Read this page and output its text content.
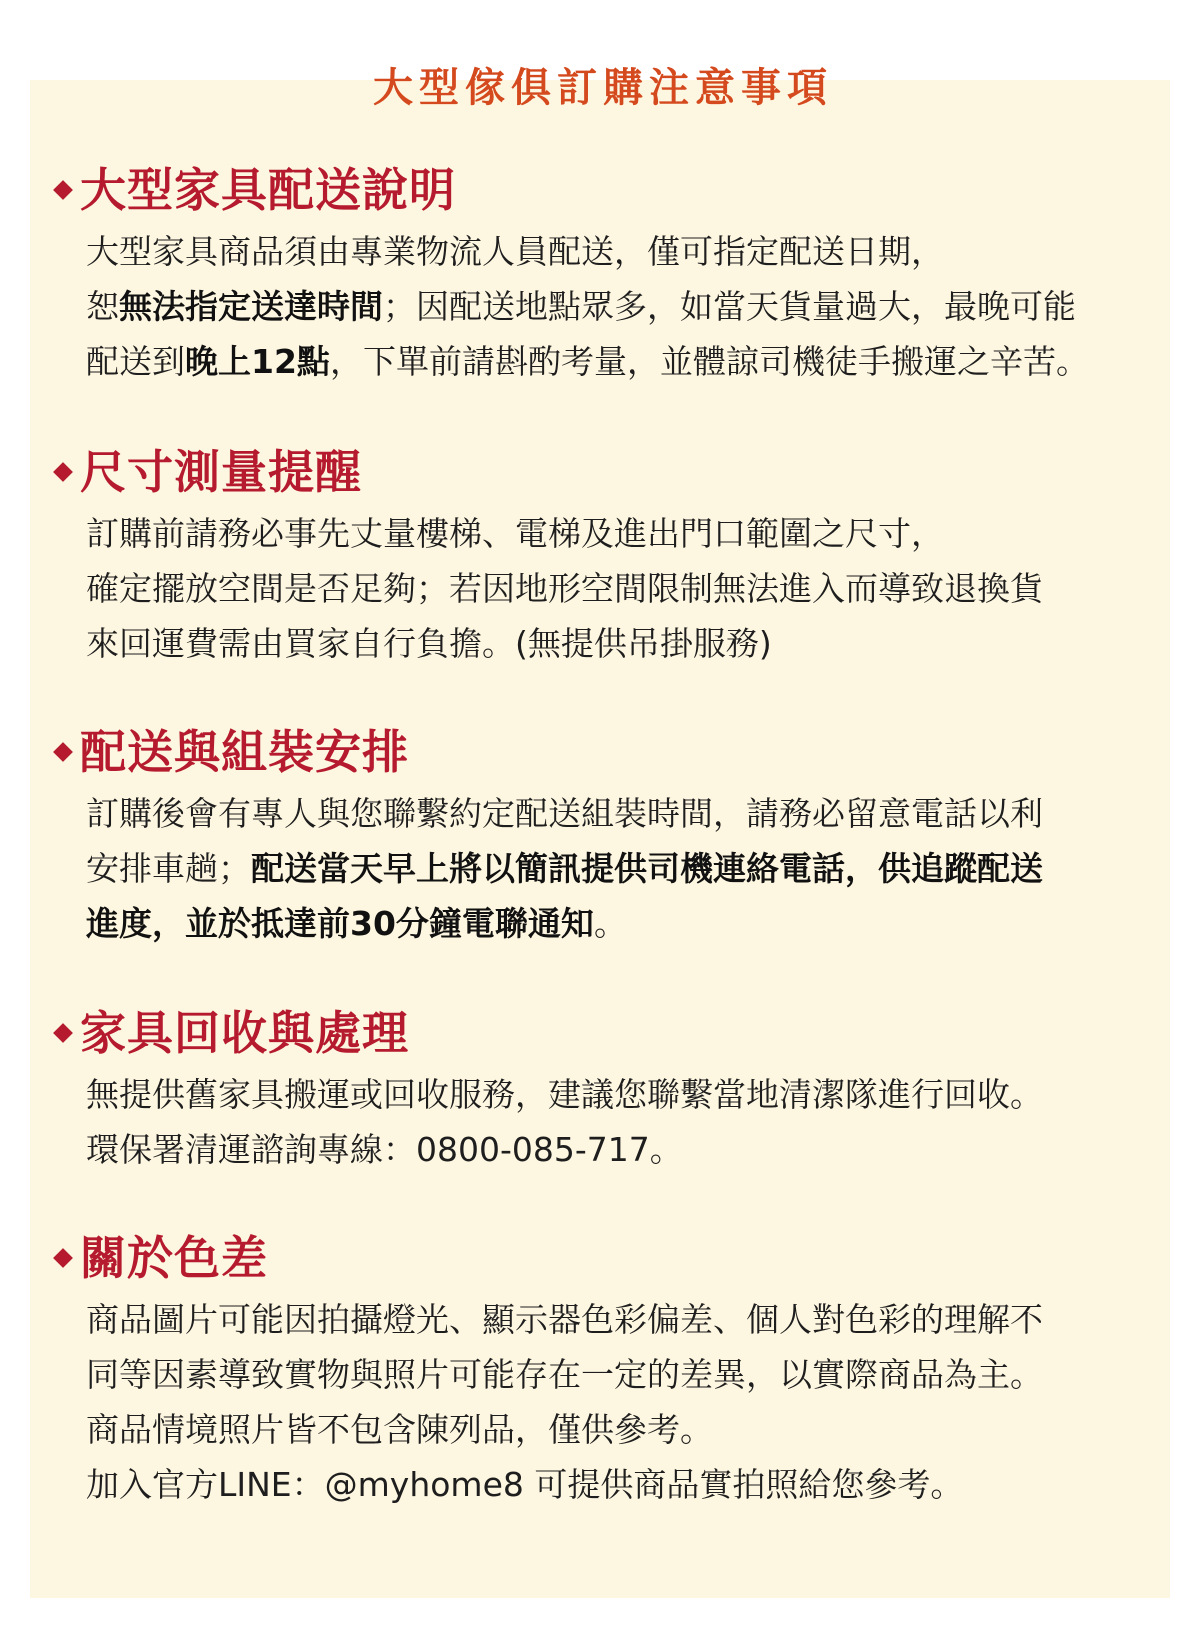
大型傢俱訂購注意事項
大型家具配送說明
大型家具商品須由專業物流人員配送，僅可指定配送日期，
恕無法指定送達時間；因配送地點眾多，如當天貨量過大，最晚可能
配送到晚上12點，下單前請斟酌考量，並體諒司機徒手搬運之辛苦。
尺寸測量提醒
訂購前請務必事先丈量樓梯、電梯及進出門口範圍之尺寸，
確定擺放空間是否足夠；若因地形空間限制無法進入而導致退換貨
來回運費需由買家自行負擔。(無提供吊掛服務)
配送與組裝安排
訂購後會有專人與您聯繫約定配送組裝時間，請務必留意電話以利
安排車趟；配送當天早上將以簡訊提供司機連絡電話，供追蹤配送
進度，並於抵達前30分鐘電聯通知。
家具回收與處理
無提供舊家具搬運或回收服務，建議您聯繫當地清潔隊進行回收。
環保署清運諮詢專線：0800-085-717。
關於色差
商品圖片可能因拍攝燈光、顯示器色彩偏差、個人對色彩的理解不
同等因素導致實物與照片可能存在一定的差異，以實際商品為主。
商品情境照片皆不包含陳列品，僅供參考。
加入官方LINE：@myhome8 可提供商品實拍照給您參考。
